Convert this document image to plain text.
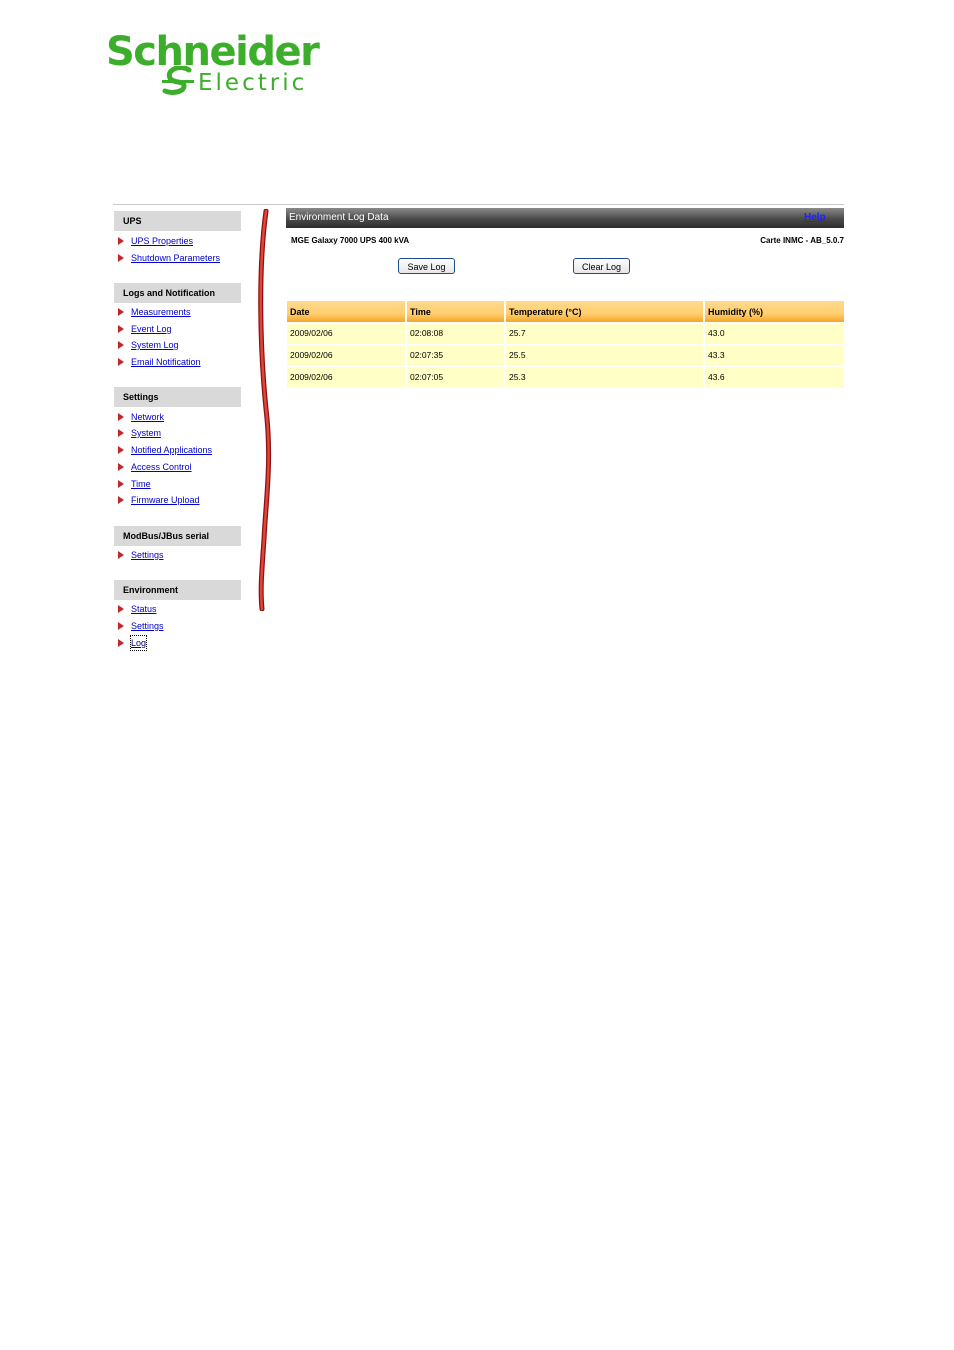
Schneider
Electric
UPS
UPS Properties
Shutdown Parameters
Logs and Notification
Measurements
Event Log
System Log
Email Notification
Settings
Network
System
Notified Applications
Access Control
Time
Firmware Upload
ModBus/JBus serial
Settings
Environment
Status
Settings
Log
Environment Log Data	Help
MGE Galaxy 7000 UPS 400 kVA	Carte INMC - AB_5.0.7
Save Log	Clear Log
Date	Time	Temperature (°C)	Humidity (%)
2009/02/06	02:08:08	25.7	43.0
2009/02/06	02:07:35	25.5	43.3
2009/02/06	02:07:05	25.3	43.6
